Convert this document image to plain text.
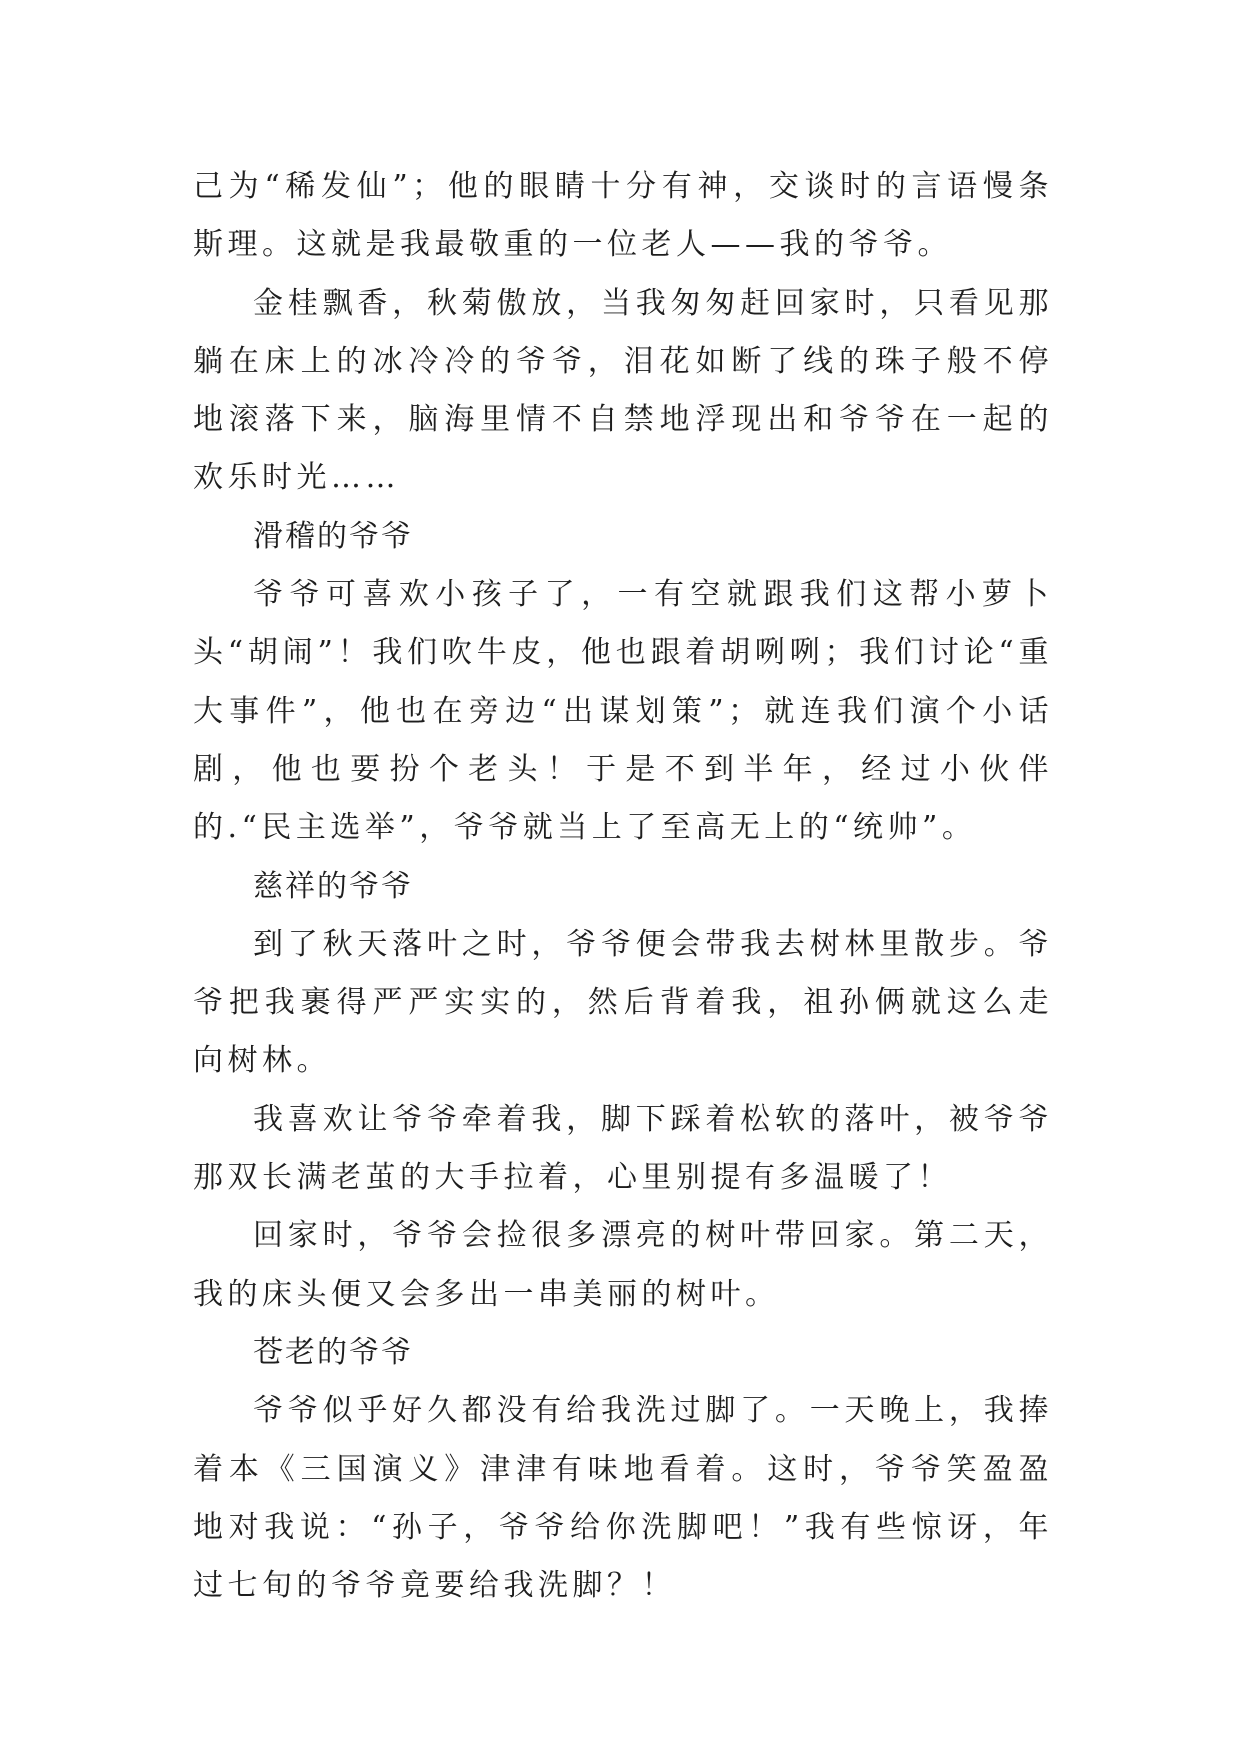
己为“稀发仙”；他的眼睛十分有神，交谈时的言语慢条斯理。这就是我最敬重的一位老人——我的爷爷。

金桂飘香，秋菊傲放，当我匆匆赶回家时，只看见那躺在床上的冰冷冷的爷爷，泪花如断了线的珠子般不停地滚落下来，脑海里情不自禁地浮现出和爷爷在一起的欢乐时光……

滑稽的爷爷

爷爷可喜欢小孩子了，一有空就跟我们这帮小萝卜头“胡闹”！我们吹牛皮，他也跟着胡咧咧；我们讨论“重大事件”，他也在旁边“出谋划策”；就连我们演个小话剧，他也要扮个老头！于是不到半年，经过小伙伴的.“民主选举”，爷爷就当上了至高无上的“统帅”。

慈祥的爷爷

到了秋天落叶之时，爷爷便会带我去树林里散步。爷爷把我裹得严严实实的，然后背着我，祖孙俩就这么走向树林。

我喜欢让爷爷牵着我，脚下踩着松软的落叶，被爷爷那双长满老茧的大手拉着，心里别提有多温暖了！

回家时，爷爷会捡很多漂亮的树叶带回家。第二天，我的床头便又会多出一串美丽的树叶。

苍老的爷爷

爷爷似乎好久都没有给我洗过脚了。一天晚上，我捧着本《三国演义》津津有味地看着。这时，爷爷笑盈盈地对我说：“孙子，爷爷给你洗脚吧！”我有些惊讶，年过七旬的爷爷竟要给我洗脚？！
